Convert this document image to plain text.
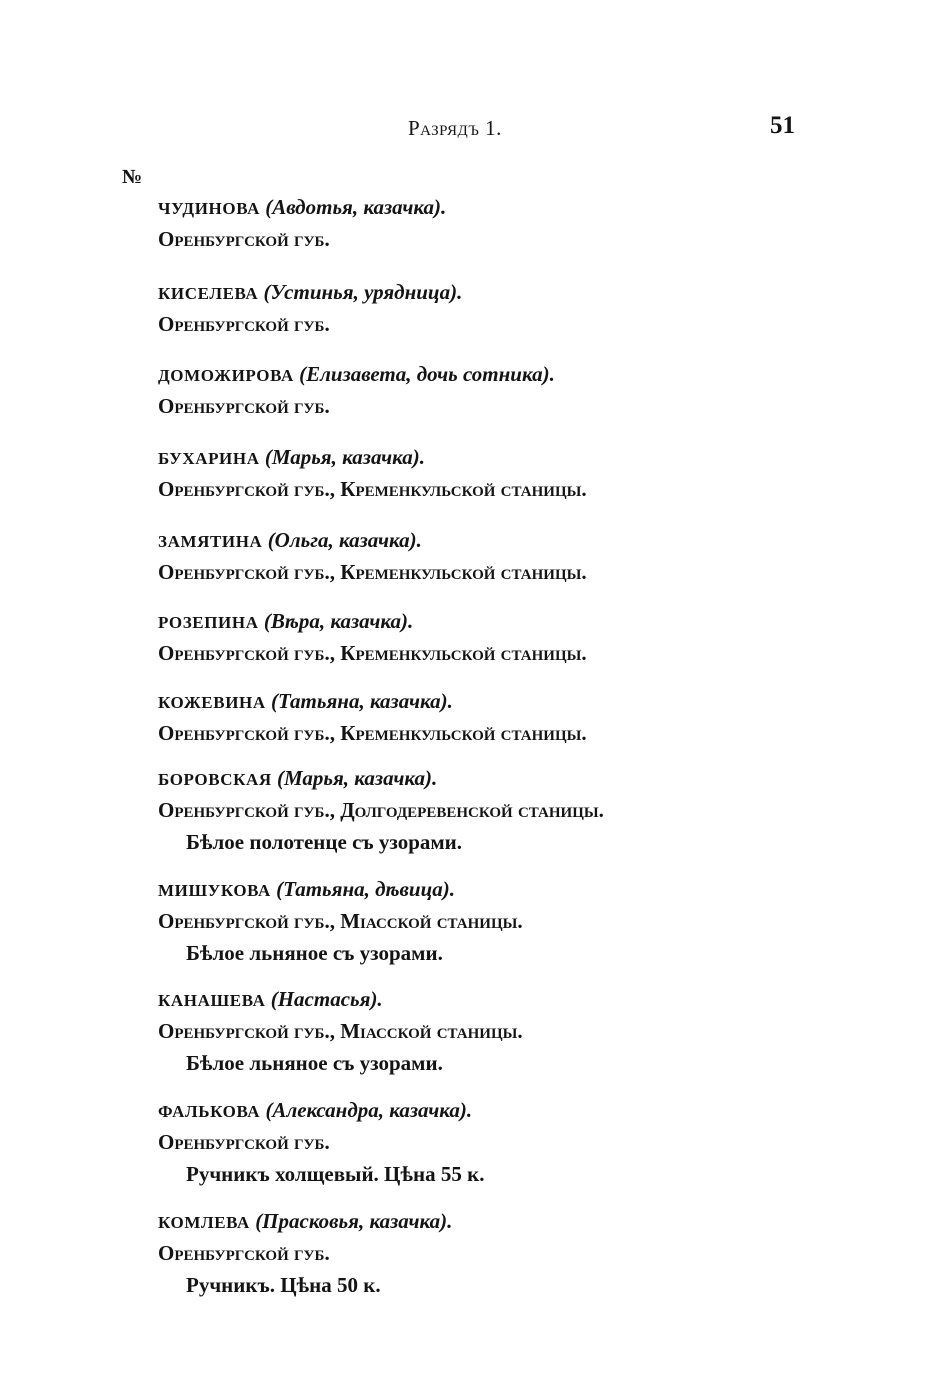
Разрядъ 1.	51
№
ЧУДИНОВА (Авдотья, казачка).
Оренбургской губ.
КИСЕЛЕВА (Устинья, урядница).
Оренбургской губ.
ДОМОЖИРОВА (Елизавета, дочь сотника).
Оренбургской губ.
БУХАРИНА (Марья, казачка).
Оренбургской губ., Кременкульской станицы.
ЗАМЯТИНА (Ольга, казачка).
Оренбургской губ., Кременкульской станицы.
РОЗЕПИНА (Вѣра, казачка).
Оренбургской губ., Кременкульской станицы.
КОЖЕВИНА (Татьяна, казачка).
Оренбургской губ., Кременкульской станицы.
БОРОВСКАЯ (Марья, казачка).
Оренбургской губ., Долгодеревенской станицы.
Бѣлое полотенце съ узорами.
МИШУКОВА (Татьяна, дѣвица).
Оренбургской губ., Міасской станицы.
Бѣлое льняное съ узорами.
КАНАШЕВА (Настасья).
Оренбургской губ., Міасской станицы.
Бѣлое льняное съ узорами.
ФАЛЬКОВА (Александра, казачка).
Оренбургской губ.
Ручникъ холщевый. Цѣна 55 к.
КОМЛЕВА (Прасковья, казачка).
Оренбургской губ.
Ручникъ. Цѣна 50 к.
